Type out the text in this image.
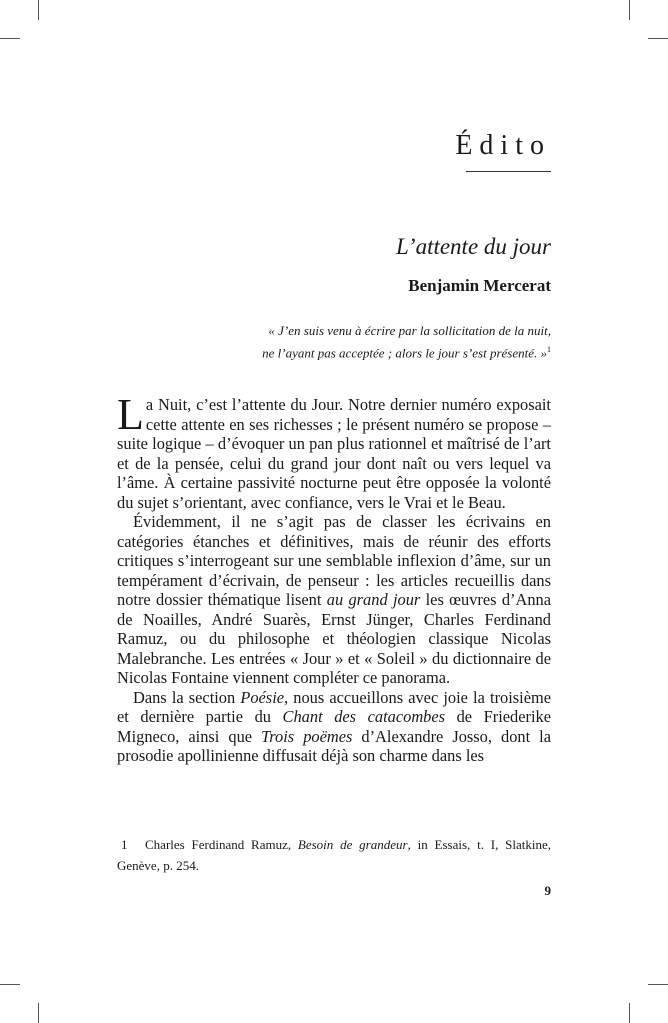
Édito
L’attente du jour
Benjamin Mercerat

« J’en suis venu à écrire par la sollicitation de la nuit,
ne l’ayant pas acceptée ; alors le jour s’est présenté. »$^1$

La Nuit, c’est l’attente du Jour. Notre dernier numéro exposait cette attente en ses richesses ; le présent numéro se propose – suite logique – d’évoquer un pan plus rationnel et maîtrisé de l’art et de la pensée, celui du grand jour dont naît ou vers lequel va l’âme. À certaine passivité nocturne peut être opposée la volonté du sujet s’orientant, avec confiance, vers le Vrai et le Beau.

Évidemment, il ne s’agit pas de classer les écrivains en catégories étanches et définitives, mais de réunir des efforts critiques s’interrogeant sur une semblable inflexion d’âme, sur un tempérament d’écrivain, de penseur : les articles recueillis dans notre dossier thématique lisent au grand jour les œuvres d’Anna de Noailles, André Suarès, Ernst Jünger, Charles Ferdinand Ramuz, ou du philosophe et théologien classique Nicolas Malebranche. Les entrées « Jour » et « Soleil » du dictionnaire de Nicolas Fontaine viennent compléter ce panorama.

Dans la section Poésie, nous accueillons avec joie la troisième et dernière partie du Chant des catacombes de Friederike Migneco, ainsi que Trois poëmes d’Alexandre Josso, dont la prosodie apollinienne diffusait déjà son charme dans les

1 Charles Ferdinand Ramuz, Besoin de grandeur, in Essais, t. I, Slatkine, Genève, p. 254.
9
